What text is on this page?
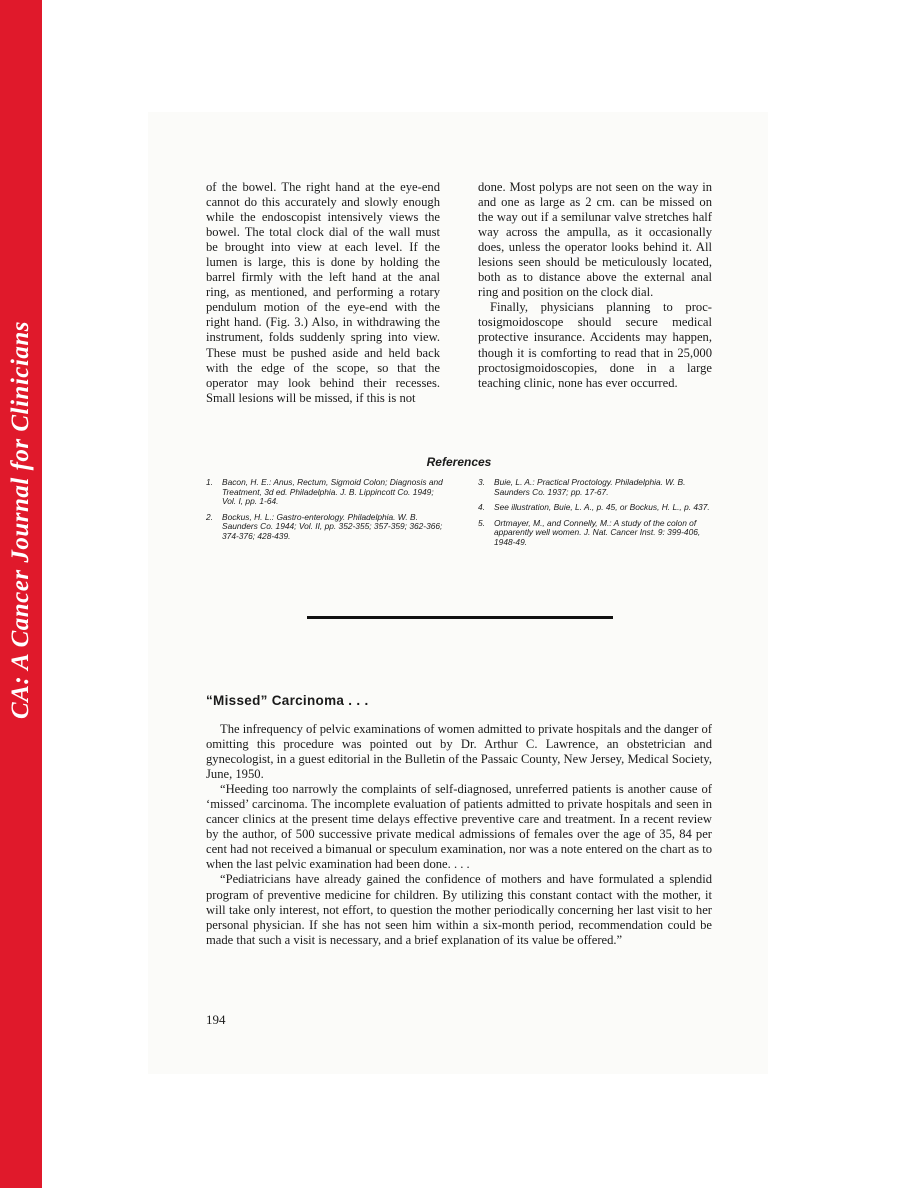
CA: A Cancer Journal for Clinicians

of the bowel. The right hand at the eye-end cannot do this accurately and slowly enough while the endoscopist intensively views the bowel. The total clock dial of the wall must be brought into view at each level. If the lumen is large, this is done by holding the barrel firmly with the left hand at the anal ring, as mentioned, and performing a rotary pendulum motion of the eye-end with the right hand. (Fig. 3.) Also, in withdrawing the instrument, folds suddenly spring into view. These must be pushed aside and held back with the edge of the scope, so that the operator may look behind their recesses. Small lesions will be missed, if this is not

done. Most polyps are not seen on the way in and one as large as 2 cm. can be missed on the way out if a semilunar valve stretches half way across the ampulla, as it occasionally does, unless the operator looks behind it. All lesions seen should be meticulously located, both as to distance above the external anal ring and position on the clock dial.

Finally, physicians planning to proctosigmoidoscope should secure medical protective insurance. Accidents may happen, though it is comforting to read that in 25,000 proctosigmoidoscopies, done in a large teaching clinic, none has ever occurred.

References
1.	Bacon, H. E.: Anus, Rectum, Sigmoid Colon; Diagnosis and Treatment, 3d ed. Philadelphia. J. B. Lippincott Co. 1949; Vol. I, pp. 1-64.
2.	Bockus, H. L.: Gastro-enterology. Philadelphia. W. B. Saunders Co. 1944; Vol. II, pp. 352-355; 357-359; 362-366; 374-376; 428-439.
3.	Buie, L. A.: Practical Proctology. Philadelphia. W. B. Saunders Co. 1937; pp. 17-67.
4.	See illustration, Buie, L. A., p. 45, or Bockus, H. L., p. 437.
5.	Ortmayer, M., and Connelly, M.: A study of the colon of apparently well women. J. Nat. Cancer Inst. 9: 399-406, 1948-49.
“Missed” Carcinoma . . .

The infrequency of pelvic examinations of women admitted to private hospitals and the danger of omitting this procedure was pointed out by Dr. Arthur C. Lawrence, an obstetrician and gynecologist, in a guest editorial in the Bulletin of the Passaic County, New Jersey, Medical Society, June, 1950.

“Heeding too narrowly the complaints of self-diagnosed, unreferred patients is another cause of ‘missed’ carcinoma. The incomplete evaluation of patients admitted to private hospitals and seen in cancer clinics at the present time delays effective preventive care and treatment. In a recent review by the author, of 500 successive private medical admissions of females over the age of 35, 84 per cent had not received a bimanual or speculum examination, nor was a note entered on the chart as to when the last pelvic examination had been done. . . .

“Pediatricians have already gained the confidence of mothers and have formulated a splendid program of preventive medicine for children. By utilizing this constant contact with the mother, it will take only interest, not effort, to question the mother periodically concerning her last visit to her personal physician. If she has not seen him within a six-month period, recommendation could be made that such a visit is necessary, and a brief explanation of its value be offered.”

194
